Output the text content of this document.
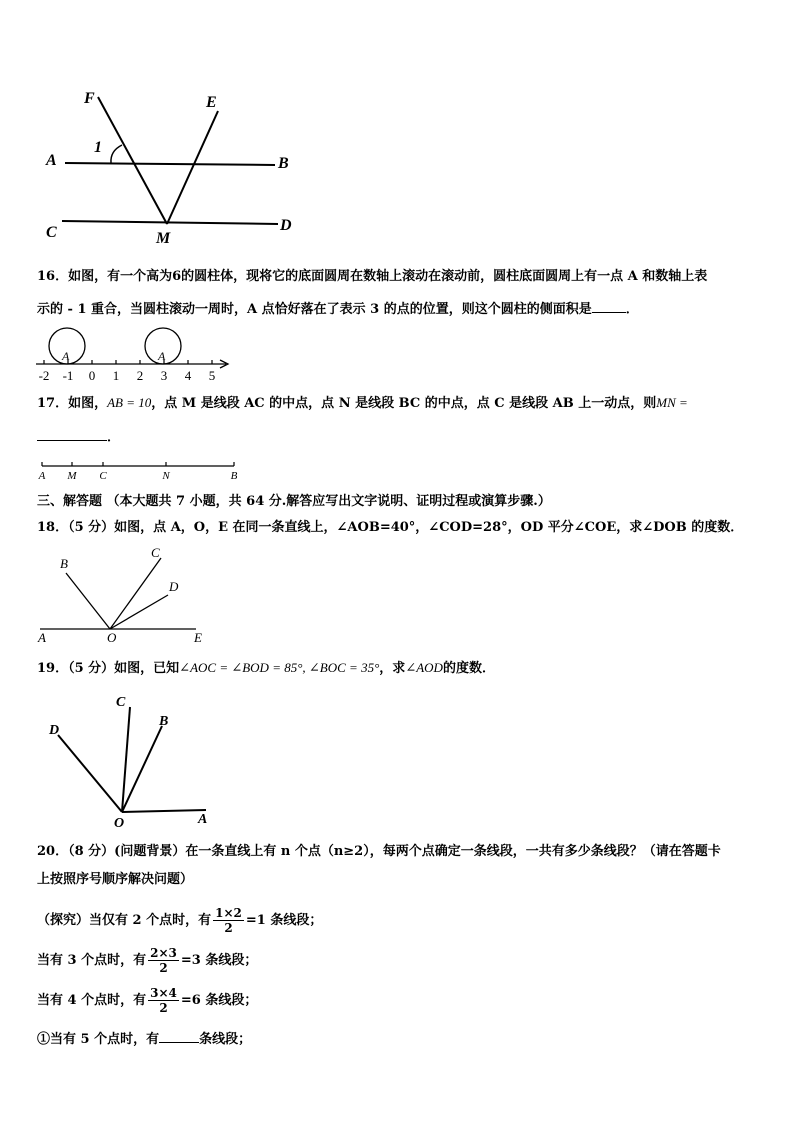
F	E
1
A	B
C	D
M
16．如图，有一个高为6的圆柱体，现将它的底面圆周在数轴上滚动在滚动前，圆柱底面圆周上有一点 A 和数轴上表
示的 - 1 重合，当圆柱滚动一周时，A 点恰好落在了表示 3 的点的位置，则这个圆柱的侧面积是	．
A	A
-2 -1 0 1 2 3 4 5
17．如图，AB = 10，点 M 是线段 AC 的中点，点 N 是线段 BC 的中点，点 C 是线段 AB 上一动点，则MN =
．
A M C	N	B
三、解答题 （本大题共 7 小题，共 64 分.解答应写出文字说明、证明过程或演算步骤.）
18．（5 分）如图，点 A，O，E 在同一条直线上，∠AOB=40°，∠COD=28°，OD 平分∠COE，求∠DOB 的度数．
B
C
D
A	O	E
19．（5 分）如图，已知∠AOC = ∠BOD = 85°, ∠BOC = 35°，求∠AOD的度数．
C
B
D
O	A
20．（8 分）(问题背景）在一条直线上有 n 个点（n≥2），每两个点确定一条线段，一共有多少条线段？（请在答题卡
上按照序号顺序解决问题）
（探究）当仅有 2 个点时，有 $\frac{1\times 2}{2} =1$ 条线段；
当有 3 个点时，有 $\frac{2\times 3}{2} =3$ 条线段；
当有 4 个点时，有 $\frac{3\times 4}{2} =6$ 条线段；
①当有 5 个点时，有	条线段；
